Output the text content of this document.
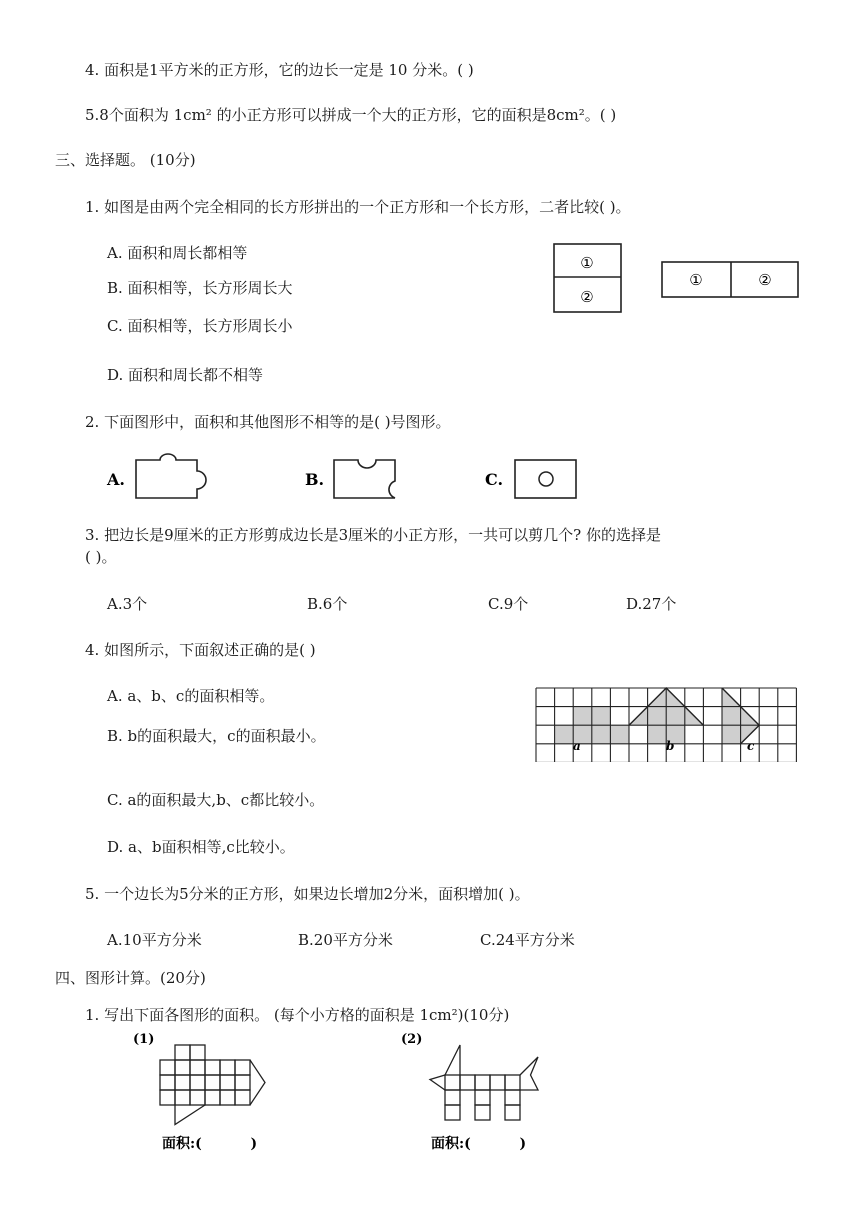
4. 面积是1平方米的正方形，它的边长一定是 10 分米。( )
5.8个面积为 1cm² 的小正方形可以拼成一个大的正方形，它的面积是8cm²。( )
三、选择题。 (10分)
1. 如图是由两个完全相同的长方形拼出的一个正方形和一个长方形，二者比较( )。
A. 面积和周长都相等
B. 面积相等，长方形周长大
C. 面积相等，长方形周长小
D. 面积和周长都不相等
①
②
①	②
2. 下面图形中，面积和其他图形不相等的是( )号图形。
A.	B.	C.
3. 把边长是9厘米的正方形剪成边长是3厘米的小正方形，一共可以剪几个? 你的选择是
( )。
A.3个	B.6个	C.9个	D.27个
4. 如图所示，下面叙述正确的是( )
A. a、b、c的面积相等。
B. b的面积最大，c的面积最小。
C. a的面积最大,b、c都比较小。
D. a、b面积相等,c比较小。
a	b	c
5. 一个边长为5分米的正方形，如果边长增加2分米，面积增加( )。
A.10平方分米	B.20平方分米	C.24平方分米
四、图形计算。(20分)
1. 写出下面各图形的面积。 (每个小方格的面积是 1cm²)(10分)
(1)	(2)
面积:(          )	面积:(          )
